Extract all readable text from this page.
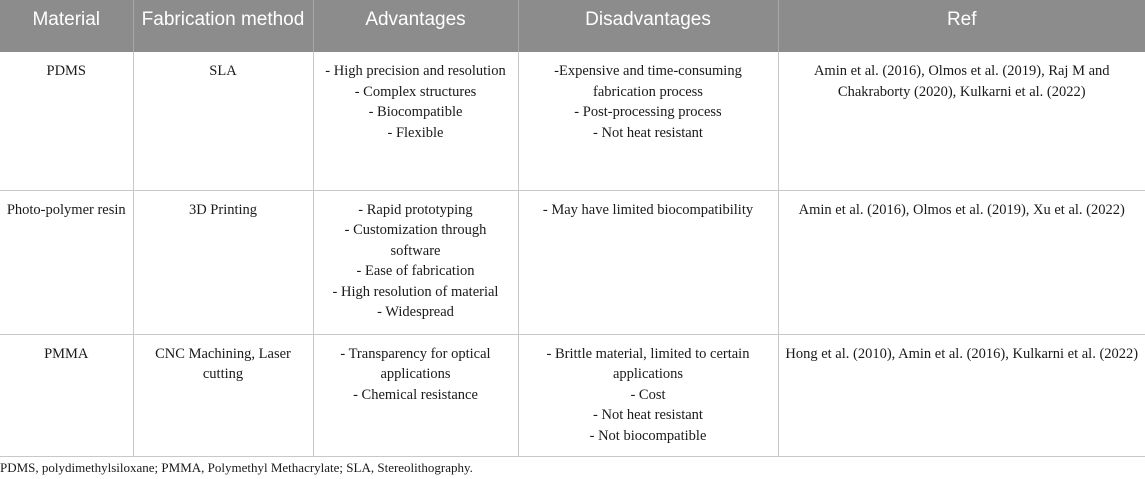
Material	Fabrication method	Advantages	Disadvantages	Ref
PDMS	SLA	- High precision and resolution
- Complex structures
- Biocompatible
- Flexible	-Expensive and time-consuming fabrication process
- Post-processing process
- Not heat resistant	Amin et al. (2016), Olmos et al. (2019), Raj M and Chakraborty (2020), Kulkarni et al. (2022)
Photo-polymer resin	3D Printing	- Rapid prototyping
- Customization through software
- Ease of fabrication
- High resolution of material
- Widespread	- May have limited biocompatibility	Amin et al. (2016), Olmos et al. (2019), Xu et al. (2022)
PMMA	CNC Machining, Laser cutting	- Transparency for optical applications
- Chemical resistance	- Brittle material, limited to certain applications
- Cost
- Not heat resistant
- Not biocompatible	Hong et al. (2010), Amin et al. (2016), Kulkarni et al. (2022)
PDMS, polydimethylsiloxane; PMMA, Polymethyl Methacrylate; SLA, Stereolithography.
